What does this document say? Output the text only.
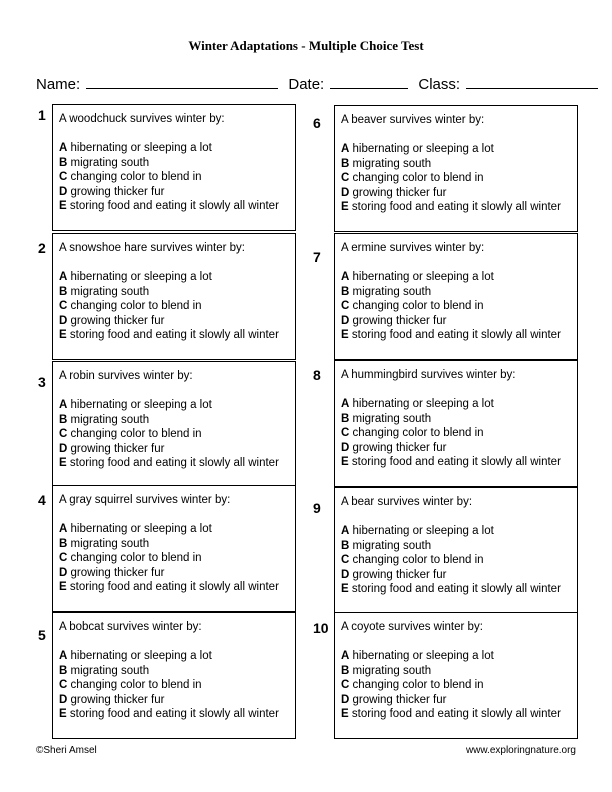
Winter Adaptations - Multiple Choice Test
Name:	Date:	Class:
1 A woodchuck survives winter by:
A hibernating or sleeping a lot
B migrating south
C changing color to blend in
D growing thicker fur
E storing food and eating it slowly all winter
2 A snowshoe hare survives winter by:
A hibernating or sleeping a lot
B migrating south
C changing color to blend in
D growing thicker fur
E storing food and eating it slowly all winter
3 A robin survives winter by:
A hibernating or sleeping a lot
B migrating south
C changing color to blend in
D growing thicker fur
E storing food and eating it slowly all winter
4 A gray squirrel survives winter by:
A hibernating or sleeping a lot
B migrating south
C changing color to blend in
D growing thicker fur
E storing food and eating it slowly all winter
5 A bobcat survives winter by:
A hibernating or sleeping a lot
B migrating south
C changing color to blend in
D growing thicker fur
E storing food and eating it slowly all winter
6 A beaver survives winter by:
A hibernating or sleeping a lot
B migrating south
C changing color to blend in
D growing thicker fur
E storing food and eating it slowly all winter
7
A ermine survives winter by:
A hibernating or sleeping a lot
B migrating south
C changing color to blend in
D growing thicker fur
E storing food and eating it slowly all winter
8 A hummingbird survives winter by:
A hibernating or sleeping a lot
B migrating south
C changing color to blend in
D growing thicker fur
E storing food and eating it slowly all winter
9 A bear survives winter by:
A hibernating or sleeping a lot
B migrating south
C changing color to blend in
D growing thicker fur
E storing food and eating it slowly all winter
10 A coyote survives winter by:
A hibernating or sleeping a lot
B migrating south
C changing color to blend in
D growing thicker fur
E storing food and eating it slowly all winter
©Sheri Amsel	www.exploringnature.org
